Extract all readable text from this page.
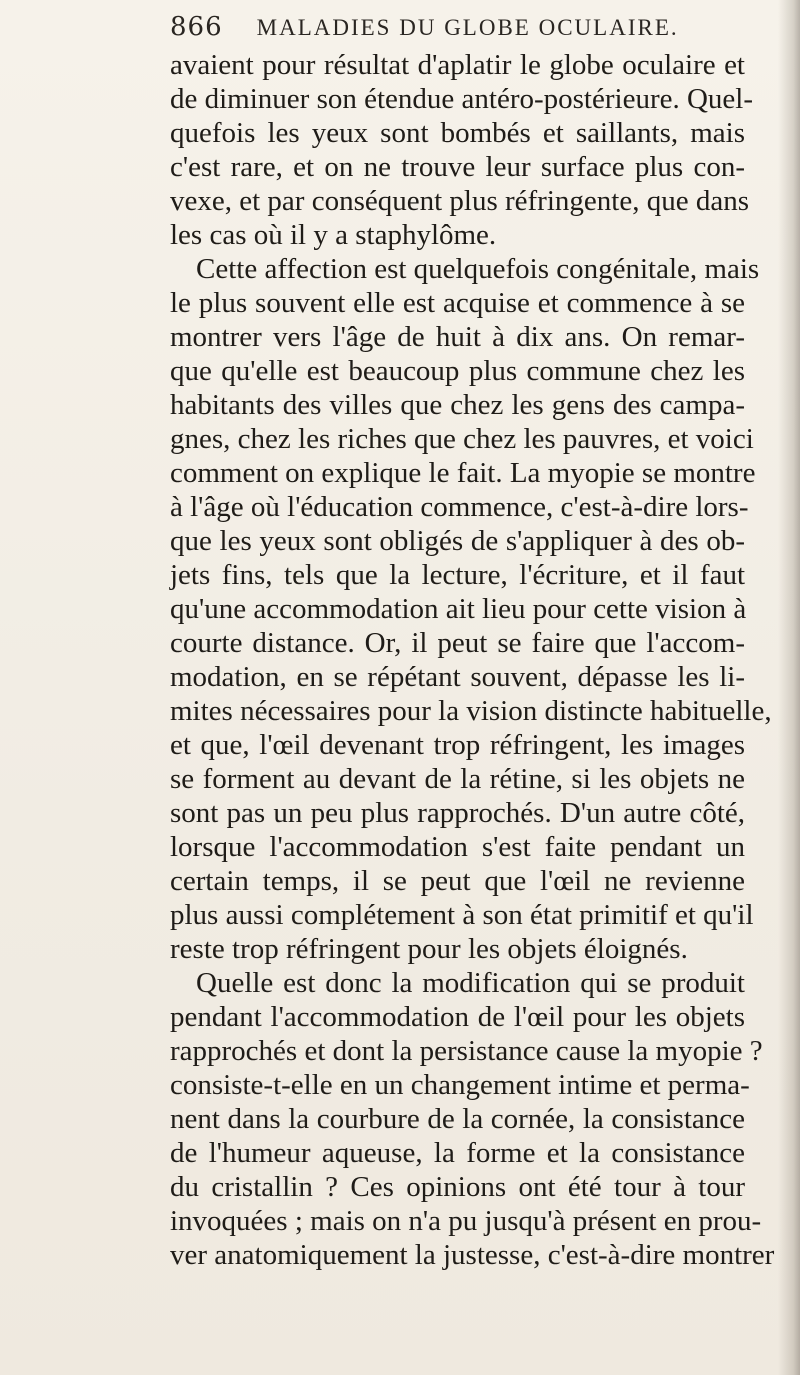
866 MALADIES DU GLOBE OCULAIRE.
avaient pour résultat d'aplatir le globe oculaire et
de diminuer son étendue antéro-postérieure. Quel-
quefois les yeux sont bombés et saillants, mais
c'est rare, et on ne trouve leur surface plus con-
vexe, et par conséquent plus réfringente, que dans
les cas où il y a staphylôme.
Cette affection est quelquefois congénitale, mais
le plus souvent elle est acquise et commence à se
montrer vers l'âge de huit à dix ans. On remar-
que qu'elle est beaucoup plus commune chez les
habitants des villes que chez les gens des campa-
gnes, chez les riches que chez les pauvres, et voici
comment on explique le fait. La myopie se montre
à l'âge où l'éducation commence, c'est-à-dire lors-
que les yeux sont obligés de s'appliquer à des ob-
jets fins, tels que la lecture, l'écriture, et il faut
qu'une accommodation ait lieu pour cette vision à
courte distance. Or, il peut se faire que l'accom-
modation, en se répétant souvent, dépasse les li-
mites nécessaires pour la vision distincte habituelle,
et que, l'œil devenant trop réfringent, les images
se forment au devant de la rétine, si les objets ne
sont pas un peu plus rapprochés. D'un autre côté,
lorsque l'accommodation s'est faite pendant un
certain temps, il se peut que l'œil ne revienne
plus aussi complétement à son état primitif et qu'il
reste trop réfringent pour les objets éloignés.
Quelle est donc la modification qui se produit
pendant l'accommodation de l'œil pour les objets
rapprochés et dont la persistance cause la myopie ?
consiste-t-elle en un changement intime et perma-
nent dans la courbure de la cornée, la consistance
de l'humeur aqueuse, la forme et la consistance
du cristallin ? Ces opinions ont été tour à tour
invoquées ; mais on n'a pu jusqu'à présent en prou-
ver anatomiquement la justesse, c'est-à-dire montrer
